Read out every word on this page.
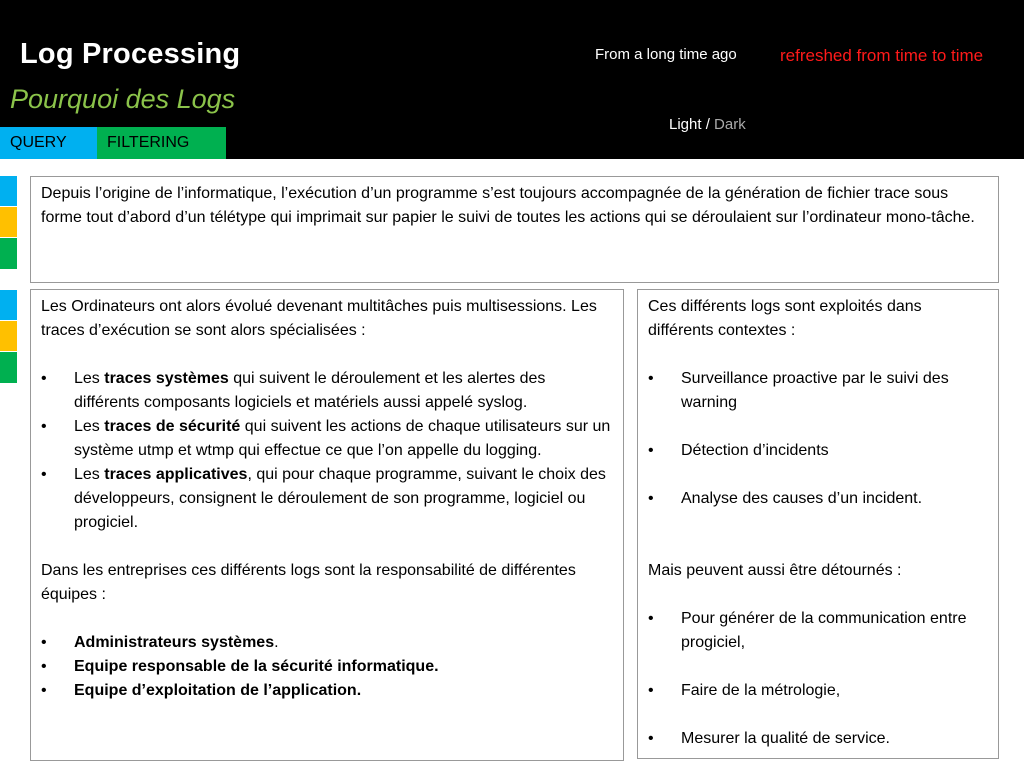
Log Processing
Pourquoi des Logs
From a long time ago	refreshed from time to time
Light / Dark
QUERY	FILTERING

Depuis l’origine de l’informatique, l’exécution d’un programme s’est toujours accompagnée de la génération de fichier trace sous forme tout d’abord d’un télétype qui imprimait sur papier le suivi de toutes les actions qui se déroulaient sur l’ordinateur mono-tâche.

Les Ordinateurs ont alors évolué devenant multitâches puis multisessions. Les traces d’exécution se sont alors spécialisées :

• Les traces systèmes qui suivent le déroulement et les alertes des différents composants logiciels et matériels aussi appelé syslog.
• Les traces de sécurité qui suivent les actions de chaque utilisateurs sur un système utmp et wtmp qui effectue ce que l’on appelle du logging.
• Les traces applicatives, qui pour chaque programme, suivant le choix des développeurs, consignent le déroulement de son programme, logiciel ou progiciel.

Dans les entreprises ces différents logs sont la responsabilité de différentes équipes :

• Administrateurs systèmes.
• Equipe responsable de la sécurité informatique.
• Equipe d’exploitation de l’application.

Ces différents logs sont exploités dans différents contextes :

• Surveillance proactive par le suivi des warning
• Détection d’incidents
• Analyse des causes d’un incident.

Mais peuvent aussi être détournés :

• Pour générer de la communication entre progiciel,
• Faire de la métrologie,
• Mesurer la qualité de service.
